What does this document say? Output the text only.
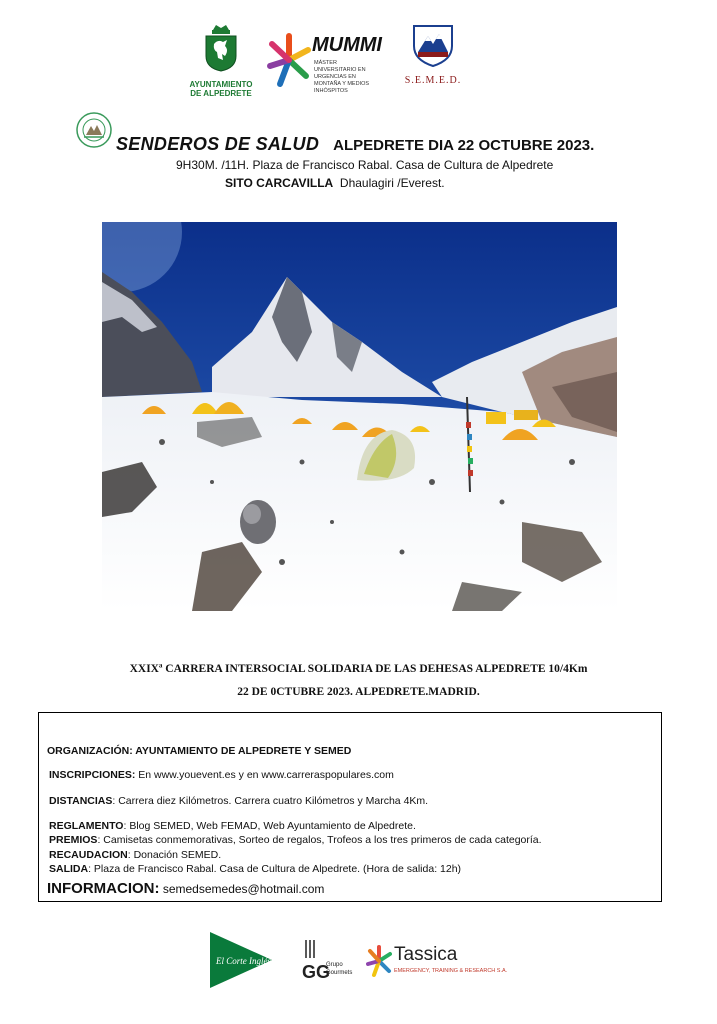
AYUNTAMIENTO
DE ALPEDRETE
MUMMI
MÁSTER UNIVERSITARIO EN URGENCIAS EN MONTAÑA Y MEDIOS INHÓSPITOS
S.E.M.E.D.
SENDEROS DE SALUD ALPEDRETE DIA 22 OCTUBRE 2023.
9H30M. /11H. Plaza de Francisco Rabal. Casa de Cultura de Alpedrete
SITO CARCAVILLA Dhaulagiri /Everest.
XXIXª CARRERA INTERSOCIAL SOLIDARIA DE LAS DEHESAS ALPEDRETE 10/4Km
22 DE 0CTUBRE 2023. ALPEDRETE.MADRID.
ORGANIZACIÓN: AYUNTAMIENTO DE ALPEDRETE Y SEMED
INSCRIPCIONES: En www.youevent.es y en www.carreraspopulares.com
DISTANCIAS: Carrera diez Kilómetros. Carrera cuatro Kilómetros y Marcha 4Km.
REGLAMENTO: Blog SEMED, Web FEMAD, Web Ayuntamiento de Alpedrete.
PREMIOS: Camisetas conmemorativas, Sorteo de regalos, Trofeos a los tres primeros de cada categoría.
RECAUDACION: Donación SEMED.
SALIDA: Plaza de Francisco Rabal. Casa de Cultura de Alpedrete. (Hora de salida: 12h)
INFORMACION: semedsemedes@hotmail.com
El Corte Inglés
GG
Grupo
Gourmets
Tassica
EMERGENCY, TRAINING & RESEARCH S.A.
